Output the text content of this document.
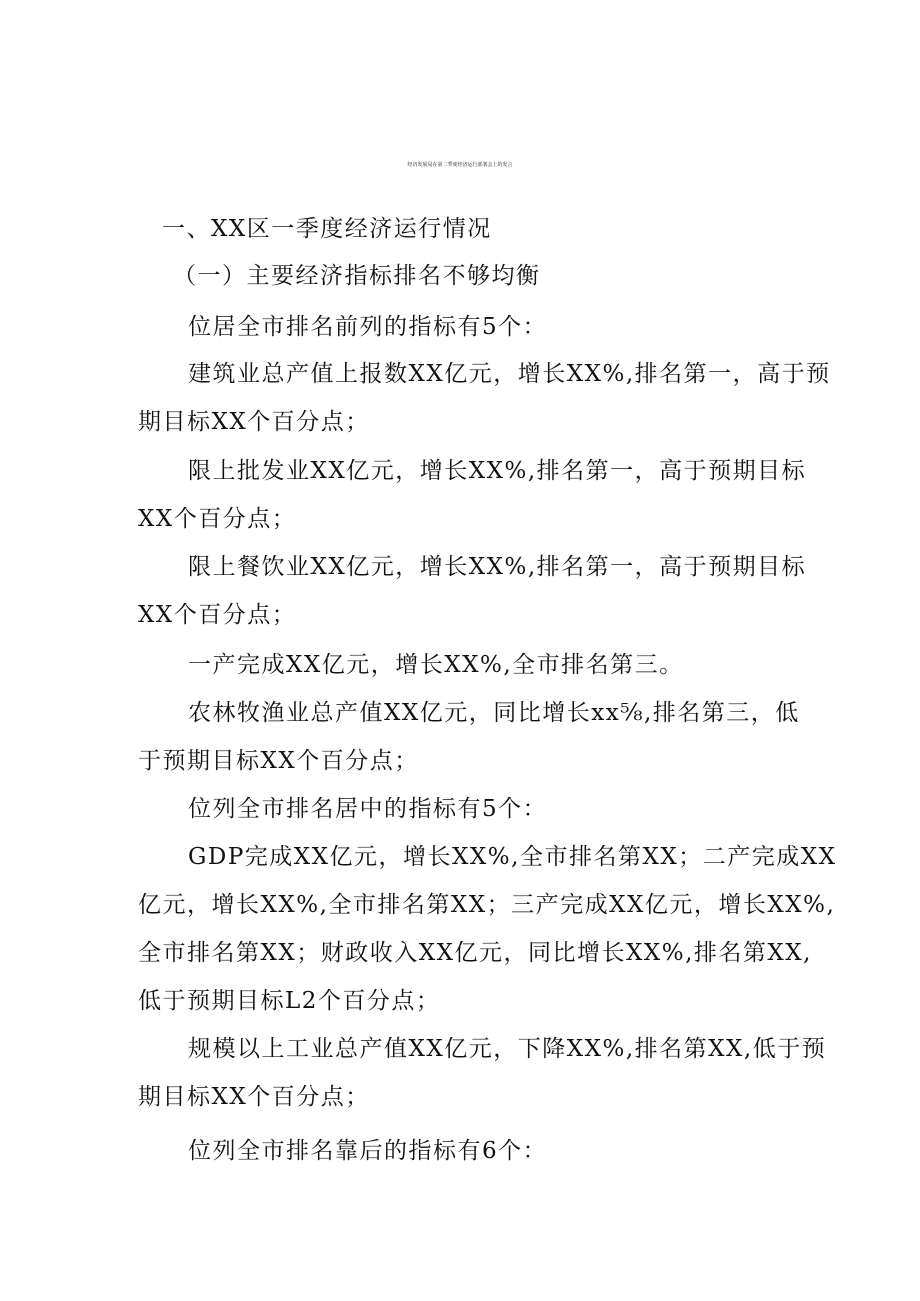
经济发展局在第二季度经济运行部署会上的发言
一、XX区一季度经济运行情况
（一）主要经济指标排名不够均衡
位居全市排名前列的指标有5个：
建筑业总产值上报数XX亿元，增长XX%,排名第一，高于预
期目标XX个百分点；
限上批发业XX亿元，增长XX%,排名第一，高于预期目标
XX个百分点；
限上餐饮业XX亿元，增长XX%,排名第一，高于预期目标
XX个百分点；
一产完成XX亿元，增长XX%,全市排名第三。
农林牧渔业总产值XX亿元，同比增长xx⅝,排名第三，低
于预期目标XX个百分点；
位列全市排名居中的指标有5个：
GDP完成XX亿元，增长XX%,全市排名第XX；二产完成XX
亿元，增长XX%,全市排名第XX；三产完成XX亿元，增长XX%,
全市排名第XX；财政收入XX亿元，同比增长XX%,排名第XX,
低于预期目标L2个百分点；
规模以上工业总产值XX亿元，下降XX%,排名第XX,低于预
期目标XX个百分点；
位列全市排名靠后的指标有6个：
